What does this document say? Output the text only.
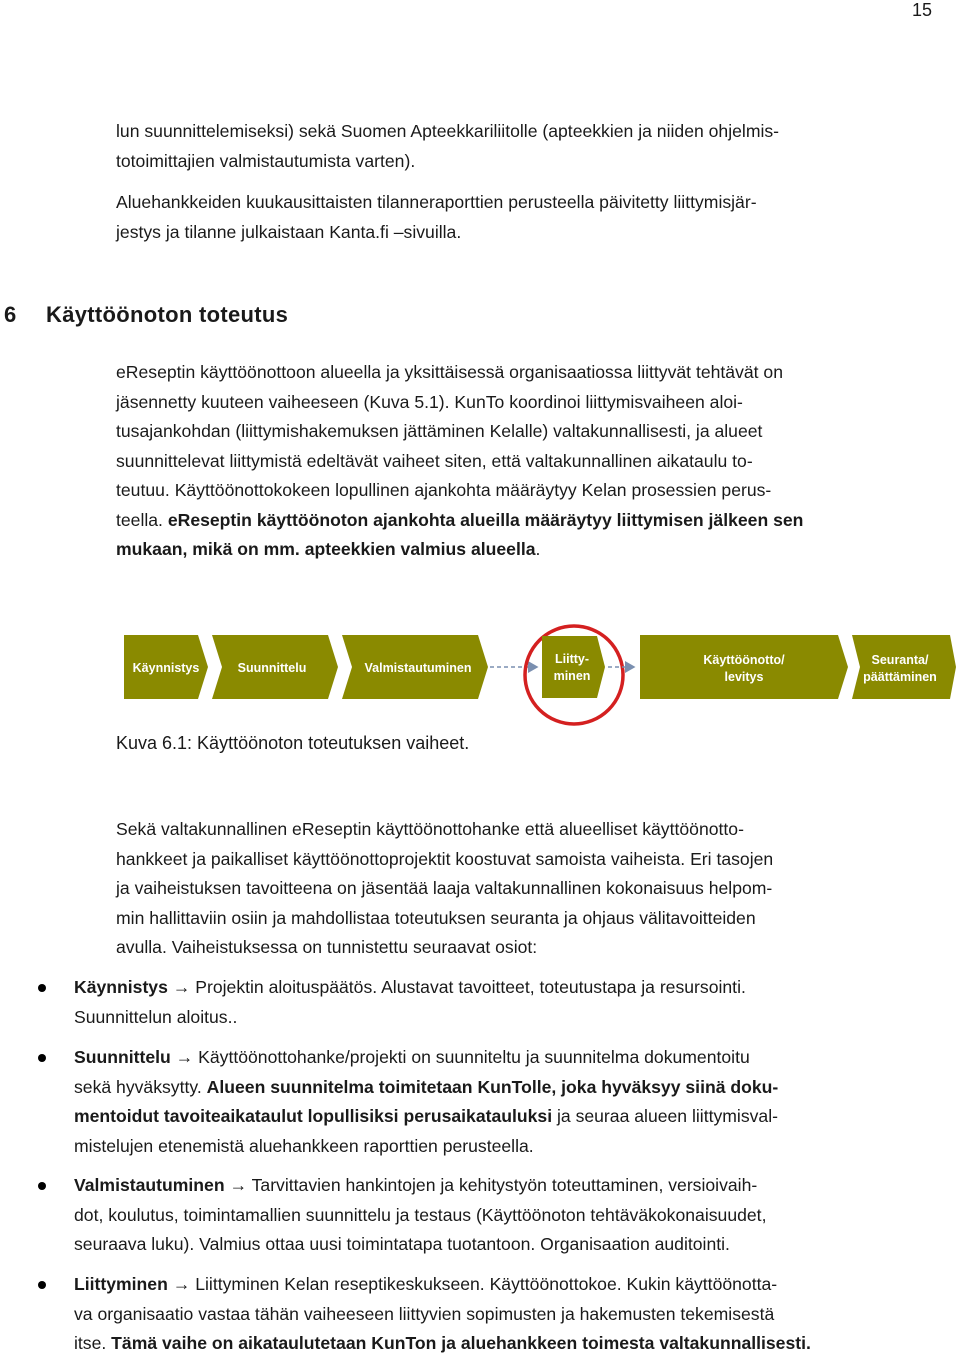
15

lun suunnittelemiseksi) sekä Suomen Apteekkariliitolle (apteekkien ja niiden ohjelmis-
totoimittajien valmistautumista varten).

Aluehankkeiden kuukausittaisten tilanneraporttien perusteella päivitetty liittymisjär-
jestys ja tilanne julkaistaan Kanta.fi –sivuilla.

6 Käyttöönoton toteutus

eReseptin käyttöönottoon alueella ja yksittäisessä organisaatiossa liittyvät tehtävät on
jäsennetty kuuteen vaiheeseen (Kuva 5.1). KunTo koordinoi liittymisvaiheen aloi-
tusajankohdan (liittymishakemuksen jättäminen Kelalle) valtakunnallisesti, ja alueet
suunnittelevat liittymistä edeltävät vaiheet siten, että valtakunnallinen aikataulu to-
teutuu. Käyttöönottokokeen lopullinen ajankohta määräytyy Kelan prosessien perus-
teella. eReseptin käyttöönoton ajankohta alueilla määräytyy liittymisen jälkeen sen
mukaan, mikä on mm. apteekkien valmius alueella.

Käynnistys	Suunnittelu	Valmistautuminen
Liitty-
minen
Käyttöönotto/
levitys
Seuranta/
päättäminen

Kuva 6.1: Käyttöönoton toteutuksen vaiheet.

Sekä valtakunnallinen eReseptin käyttöönottohanke että alueelliset käyttöönotto-
hankkeet ja paikalliset käyttöönottoprojektit koostuvat samoista vaiheista. Eri tasojen
ja vaiheistuksen tavoitteena on jäsentää laaja valtakunnallinen kokonaisuus helpom-
min hallittaviin osiin ja mahdollistaa toteutuksen seuranta ja ohjaus välitavoitteiden
avulla. Vaiheistuksessa on tunnistettu seuraavat osiot:

Käynnistys → Projektin aloituspäätös. Alustavat tavoitteet, toteutustapa ja resursointi.
Suunnittelun aloitus..
Suunnittelu → Käyttöönottohanke/projekti on suunniteltu ja suunnitelma dokumentoitu
sekä hyväksytty. Alueen suunnitelma toimitetaan KunTolle, joka hyväksyy siinä doku-
mentoidut tavoiteaikataulut lopullisiksi perusaikatauluksi ja seuraa alueen liittymisval-
mistelujen etenemistä aluehankkeen raporttien perusteella.
Valmistautuminen → Tarvittavien hankintojen ja kehitystyön toteuttaminen, versioivaih-
dot, koulutus, toimintamallien suunnittelu ja testaus (Käyttöönoton tehtäväkokonaisuudet,
seuraava luku). Valmius ottaa uusi toimintatapa tuotantoon. Organisaation auditointi.
Liittyminen → Liittyminen Kelan reseptikeskukseen. Käyttöönottokoe. Kukin käyttöönotta-
va organisaatio vastaa tähän vaiheeseen liittyvien sopimusten ja hakemusten tekemisestä
itse. Tämä vaihe on aikataulutetaan KunTon ja aluehankkeen toimesta valtakunnallisesti.
